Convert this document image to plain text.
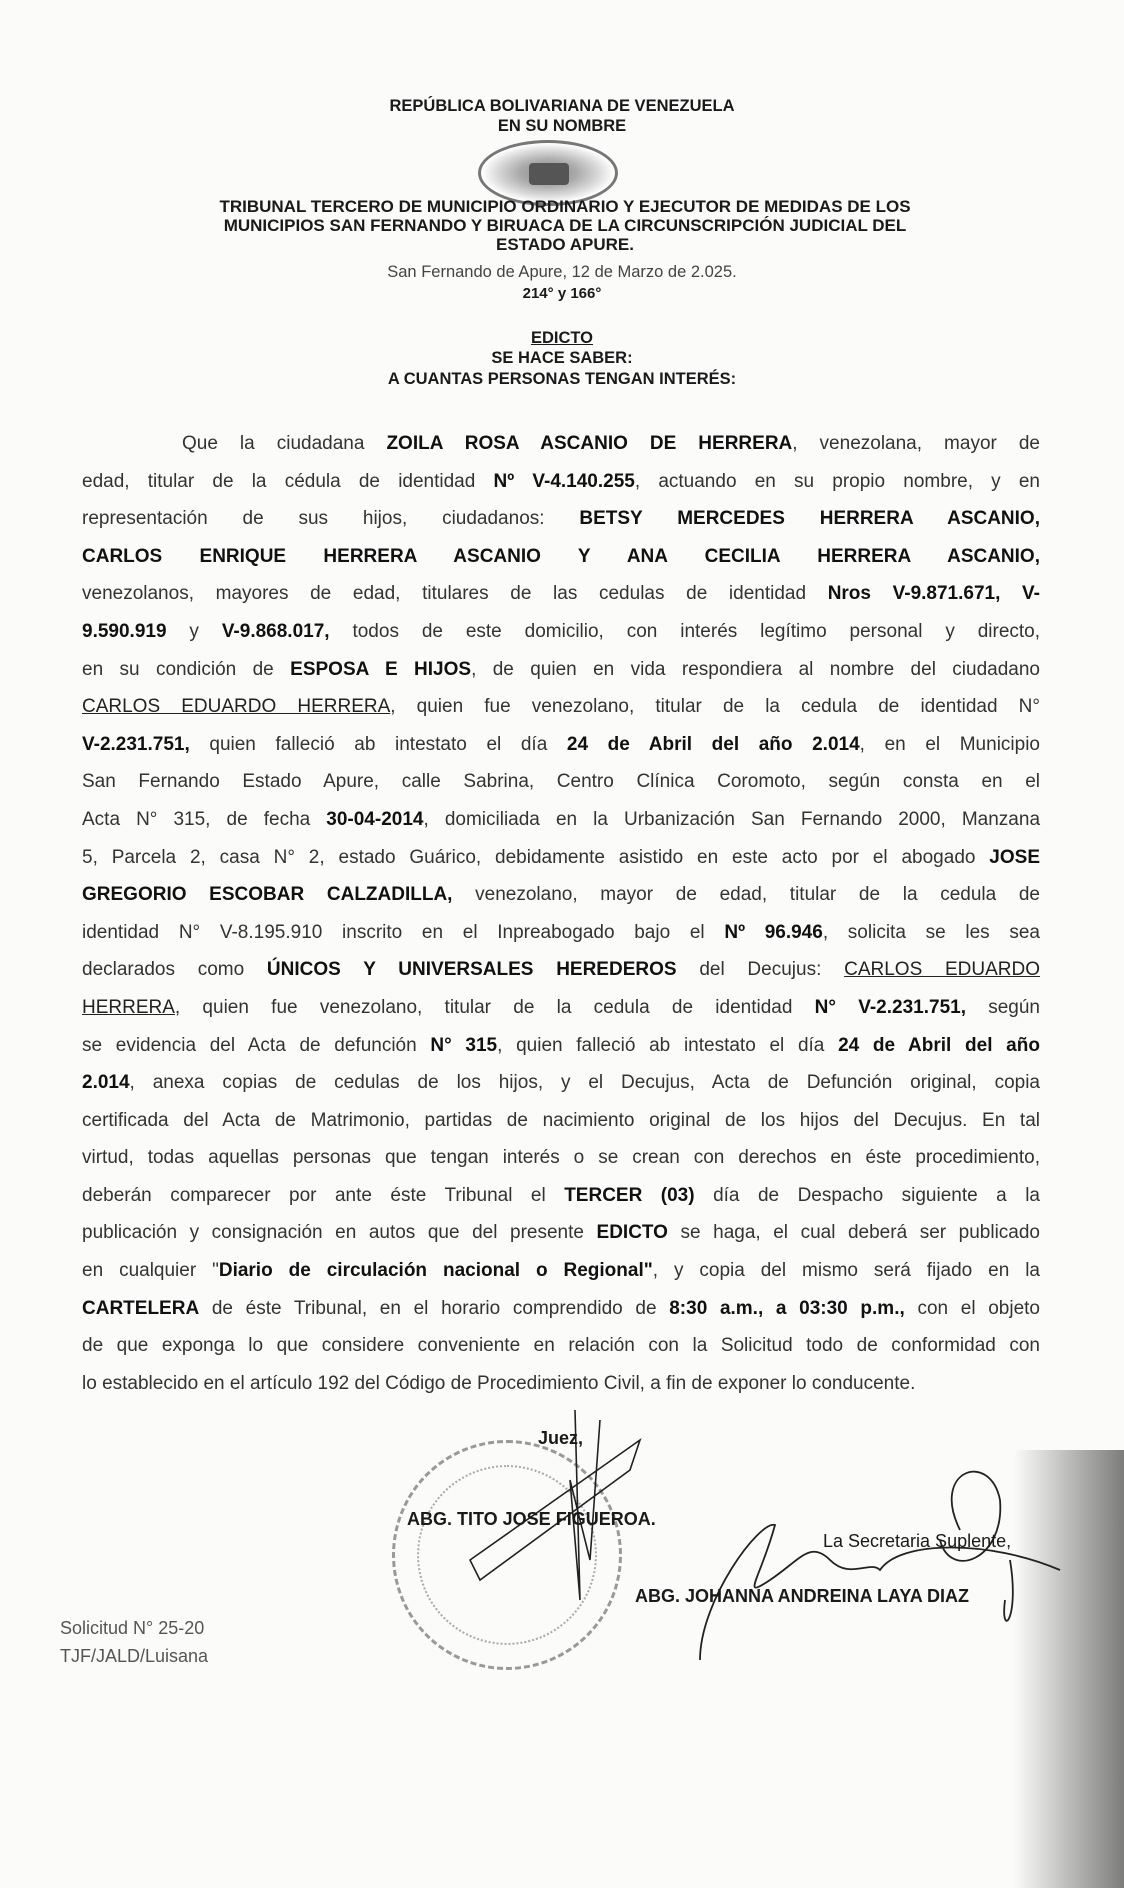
REPÚBLICA BOLIVARIANA DE VENEZUELA
EN SU NOMBRE
TRIBUNAL TERCERO DE MUNICIPIO ORDINARIO Y EJECUTOR DE MEDIDAS DE LOS
MUNICIPIOS SAN FERNANDO Y BIRUACA DE LA CIRCUNSCRIPCIÓN JUDICIAL DEL
ESTADO APURE.
San Fernando de Apure, 12 de Marzo de 2.025.
214° y 166°
EDICTO
SE HACE SABER:
A CUANTAS PERSONAS TENGAN INTERÉS:
Que la ciudadana ZOILA ROSA ASCANIO DE HERRERA, venezolana, mayor de
edad, titular de la cédula de identidad Nº V-4.140.255, actuando en su propio nombre, y en
representación de sus hijos, ciudadanos: BETSY MERCEDES HERRERA ASCANIO,
CARLOS ENRIQUE HERRERA ASCANIO Y ANA CECILIA HERRERA ASCANIO,
venezolanos, mayores de edad, titulares de las cedulas de identidad Nros V-9.871.671, V-
9.590.919 y V-9.868.017, todos de este domicilio, con interés legítimo personal y directo,
en su condición de ESPOSA E HIJOS, de quien en vida respondiera al nombre del ciudadano
CARLOS EDUARDO HERRERA, quien fue venezolano, titular de la cedula de identidad N°
V-2.231.751, quien falleció ab intestato el día 24 de Abril del año 2.014, en el Municipio
San Fernando Estado Apure, calle Sabrina, Centro Clínica Coromoto, según consta en el
Acta N° 315, de fecha 30-04-2014, domiciliada en la Urbanización San Fernando 2000, Manzana
5, Parcela 2, casa N° 2, estado Guárico, debidamente asistido en este acto por el abogado JOSE
GREGORIO ESCOBAR CALZADILLA, venezolano, mayor de edad, titular de la cedula de
identidad N° V-8.195.910 inscrito en el Inpreabogado bajo el Nº 96.946, solicita se les sea
declarados como ÚNICOS Y UNIVERSALES HEREDEROS del Decujus: CARLOS EDUARDO
HERRERA, quien fue venezolano, titular de la cedula de identidad N° V-2.231.751, según
se evidencia del Acta de defunción N° 315, quien falleció ab intestato el día 24 de Abril del año
2.014, anexa copias de cedulas de los hijos, y el Decujus, Acta de Defunción original, copia
certificada del Acta de Matrimonio, partidas de nacimiento original de los hijos del Decujus. En tal
virtud, todas aquellas personas que tengan interés o se crean con derechos en éste procedimiento,
deberán comparecer por ante éste Tribunal el TERCER (03) día de Despacho siguiente a la
publicación y consignación en autos que del presente EDICTO se haga, el cual deberá ser publicado
en cualquier "Diario de circulación nacional o Regional", y copia del mismo será fijado en la
CARTELERA de éste Tribunal, en el horario comprendido de 8:30 a.m., a 03:30 p.m., con el objeto
de que exponga lo que considere conveniente en relación con la Solicitud todo de conformidad con
lo establecido en el artículo 192 del Código de Procedimiento Civil, a fin de exponer lo conducente.
Juez,
ABG. TITO JOSE FIGUEROA.
La Secretaria Suplente,
ABG. JOHANNA ANDREINA LAYA DIAZ
Solicitud N° 25-20
TJF/JALD/Luisana
